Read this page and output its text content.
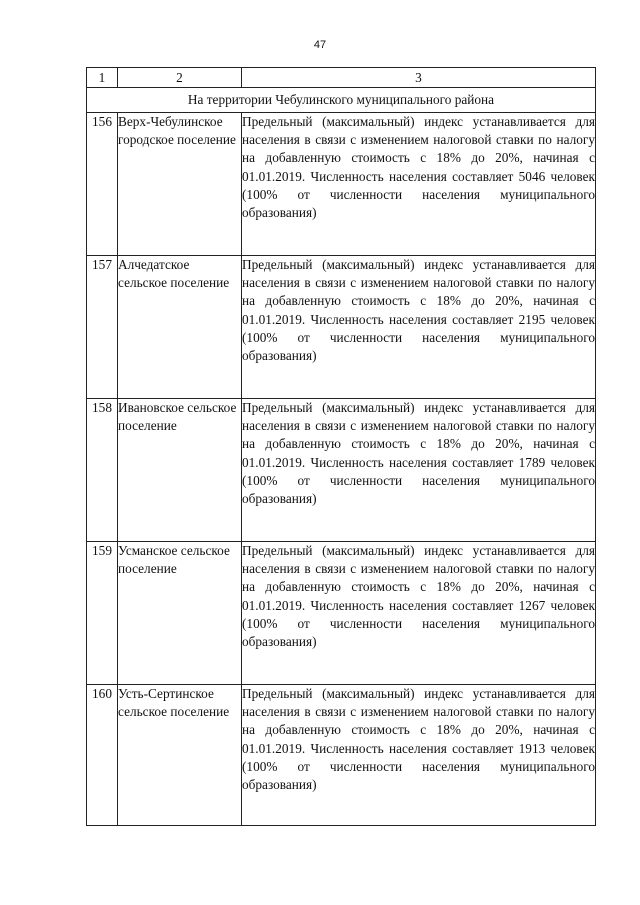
47
1	2	3
На территории Чебулинского муниципального района		
156	Верх-Чебулинское городское поселение	Предельный (максимальный) индекс устанавливается для населения в связи с изменением налоговой ставки по налогу на добавленную стоимость с 18% до 20%, начиная с 01.01.2019. Численность населения составляет 5046 человек (100% от численности населения муниципального образования)
157	Алчедатское сельское поселение	Предельный (максимальный) индекс устанавливается для населения в связи с изменением налоговой ставки по налогу на добавленную стоимость с 18% до 20%, начиная с 01.01.2019. Численность населения составляет 2195 человек (100% от численности населения муниципального образования)
158	Ивановское сельское поселение	Предельный (максимальный) индекс устанавливается для населения в связи с изменением налоговой ставки по налогу на добавленную стоимость с 18% до 20%, начиная с 01.01.2019. Численность населения составляет 1789 человек (100% от численности населения муниципального образования)
159	Усманское сельское поселение	Предельный (максимальный) индекс устанавливается для населения в связи с изменением налоговой ставки по налогу на добавленную стоимость с 18% до 20%, начиная с 01.01.2019. Численность населения составляет 1267 человек (100% от численности населения муниципального образования)
160	Усть-Сертинское сельское поселение	Предельный (максимальный) индекс устанавливается для населения в связи с изменением налоговой ставки по налогу на добавленную стоимость с 18% до 20%, начиная с 01.01.2019. Численность населения составляет 1913 человек (100% от численности населения муниципального образования)
